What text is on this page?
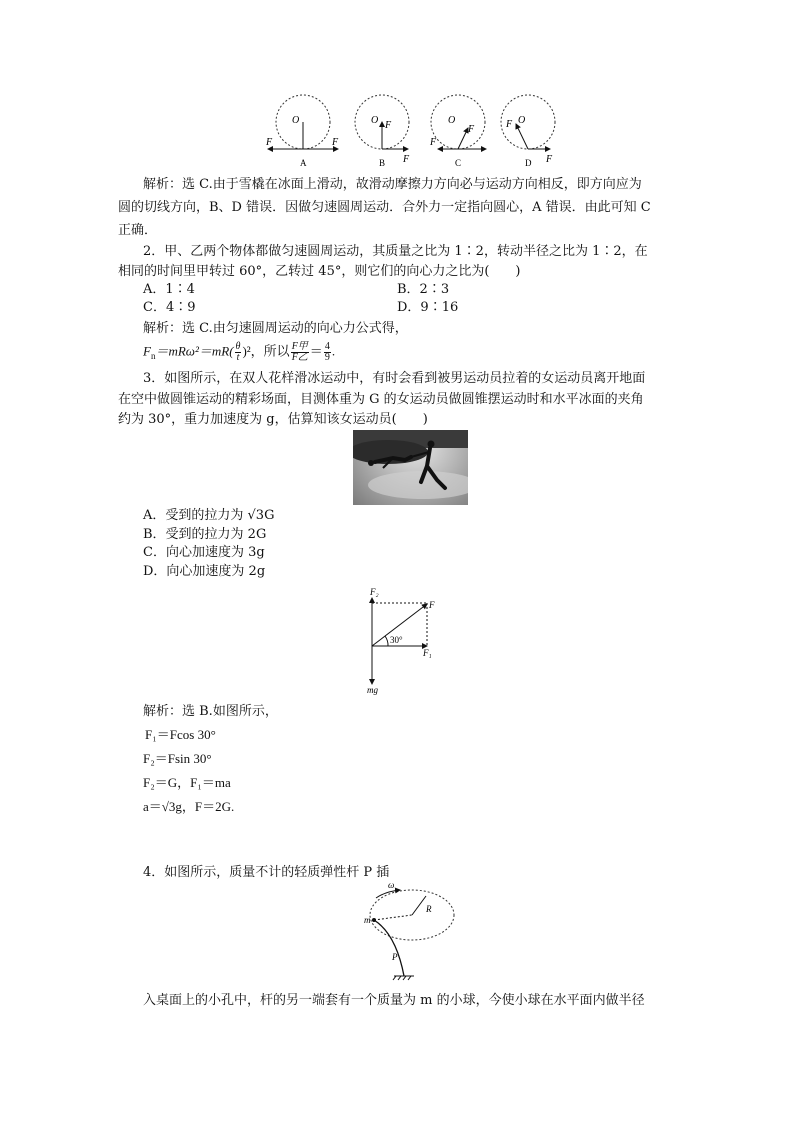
O
F
F
A
O F
F
B
O
F
F
C
O
F
F
D
解析：选 C.由于雪橇在冰面上滑动，故滑动摩擦力方向必与运动方向相反，即方向应为
圆的切线方向，B、D 错误．因做匀速圆周运动．合外力一定指向圆心，A 错误．由此可知 C
正确．
2．甲、乙两个物体都做匀速圆周运动，其质量之比为 1∶2，转动半径之比为 1∶2，在
相同的时间里甲转过 60°，乙转过 45°，则它们的向心力之比为(　　)
A．1∶4	B．2∶3
C．4∶9	D．9∶16
解析：选 C.由匀速圆周运动的向心力公式得，
$F_n=mR\omega^2=mR( \frac{\theta}{t} )^2$，所以 $\frac{\text{F甲}}{\text{F乙}} = \frac{4}{9}$ .
3．如图所示，在双人花样滑冰运动中，有时会看到被男运动员拉着的女运动员离开地面
在空中做圆锥运动的精彩场面，目测体重为 G 的女运动员做圆锥摆运动时和水平冰面的夹角
约为 30°，重力加速度为 g，估算知该女运动员(　　)
A．受到的拉力为 √3G
B．受到的拉力为 2G
C．向心加速度为 3g
D．向心加速度为 2g
F₂
F
30°
F₁
mg
解析：选 B.如图所示，
F₁＝Fcos 30°
F₂＝Fsin 30°
F₂＝G，F₁＝ma
a＝√3g，F＝2G.
4．如图所示，质量不计的轻质弹性杆 P 插
ω
m
R
P
入桌面上的小孔中，杆的另一端套有一个质量为 m 的小球，今使小球在水平面内做半径
